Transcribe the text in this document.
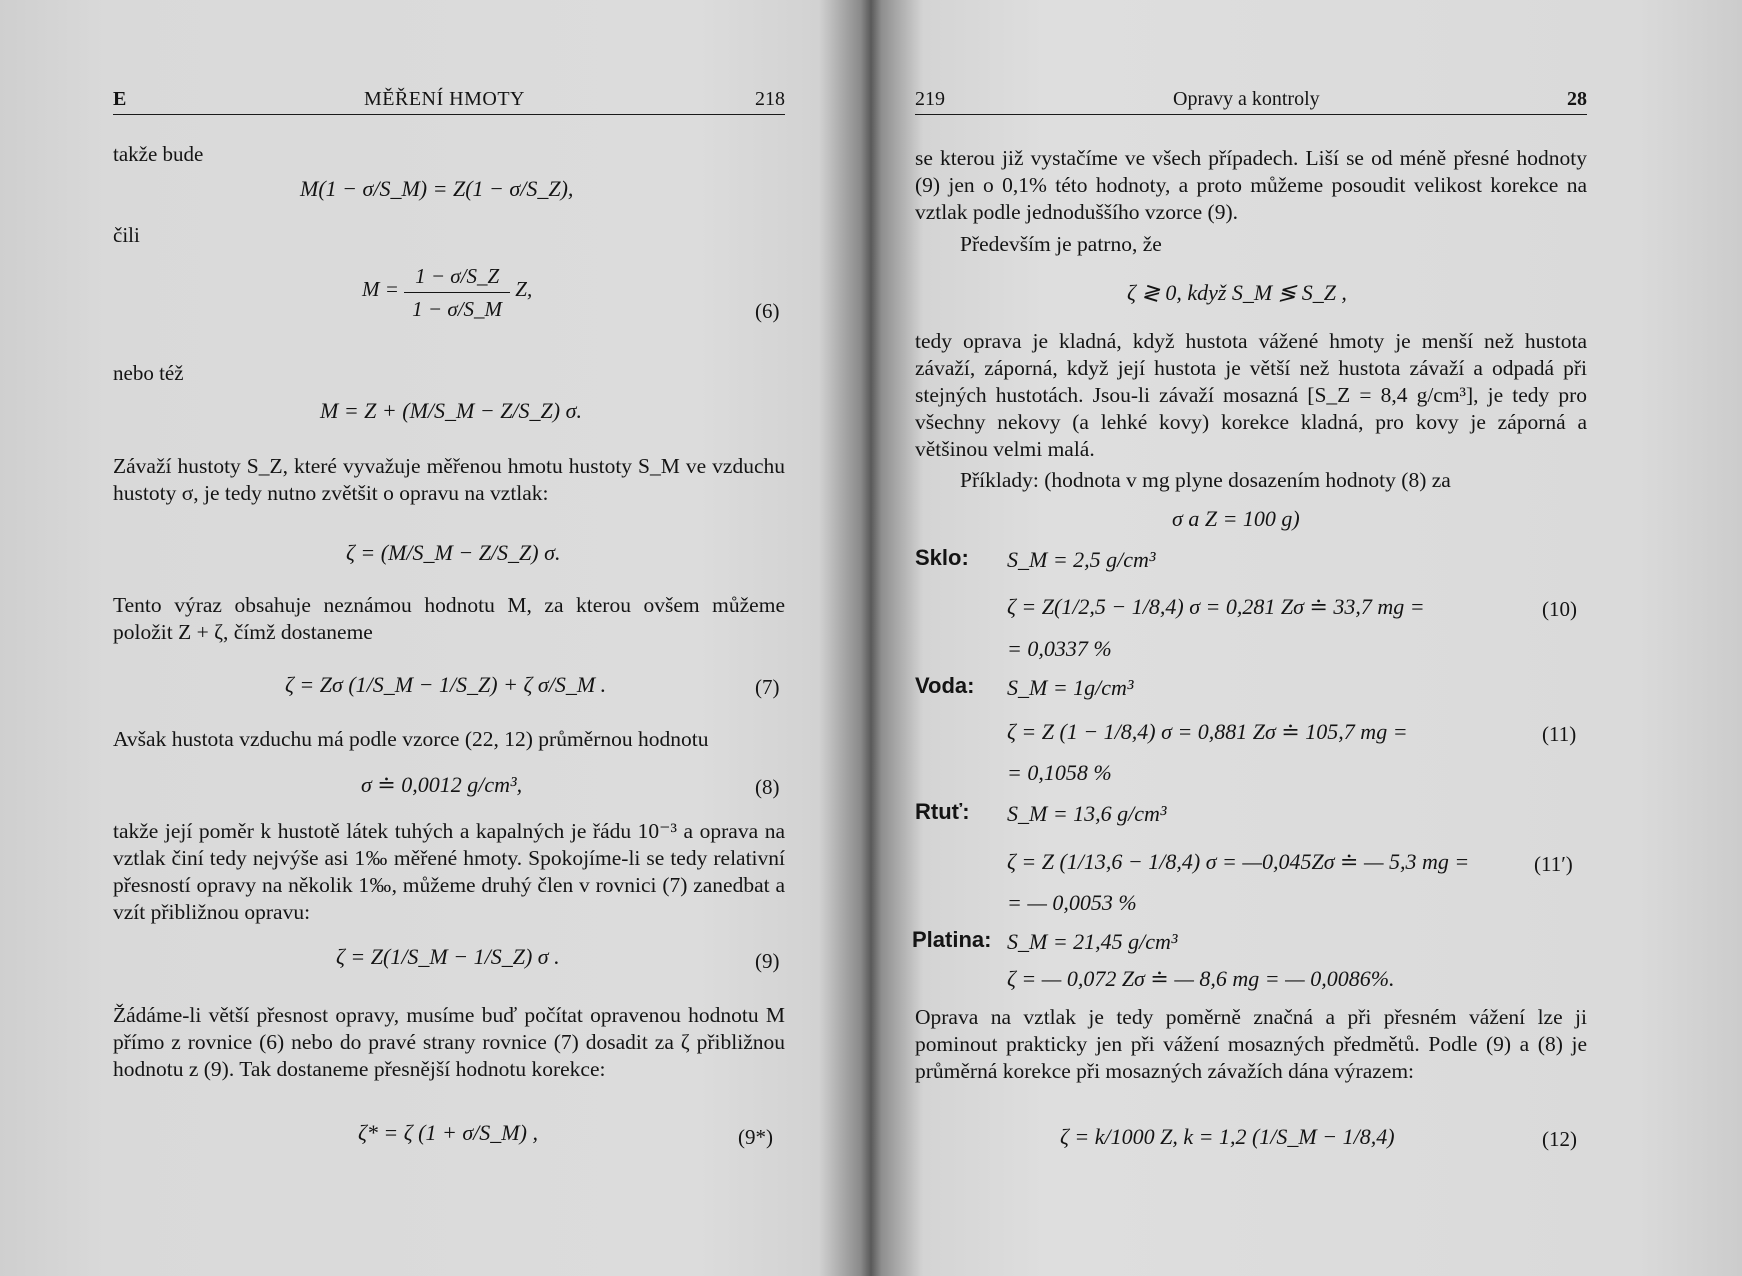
E	MĚŘENÍ HMOTY	218
takže bude
M(1 − σ/S_M) = Z(1 − σ/S_Z),
čili
$M = \frac{1 - \sigma/S\_Z}{1 - \sigma/S\_M} Z$,
(6)
nebo též
M = Z + (M/S_M − Z/S_Z) σ.
Závaží hustoty S_Z, které vyvažuje měřenou hmotu hustoty S_M ve vzduchu hustoty σ, je tedy nutno zvětšit o opravu na vztlak:
ζ = (M/S_M − Z/S_Z) σ.
Tento výraz obsahuje neznámou hodnotu M, za kterou ovšem můžeme položit Z + ζ, čímž dostaneme
ζ = Zσ (1/S_M − 1/S_Z) + ζ σ/S_M .	(7)
Avšak hustota vzduchu má podle vzorce (22, 12) průměrnou hodnotu
σ ≐ 0,0012 g/cm³,	(8)
takže její poměr k hustotě látek tuhých a kapalných je řádu 10⁻³ a oprava na vztlak činí tedy nejvýše asi 1‰ měřené hmoty. Spokojíme-li se tedy relativní přesností opravy na několik 1‰, můžeme druhý člen v rovnici (7) zanedbat a vzít přibližnou opravu:
ζ = Z(1/S_M − 1/S_Z) σ .	(9)
Žádáme-li větší přesnost opravy, musíme buď počítat opravenou hodnotu M přímo z rovnice (6) nebo do pravé strany rovnice (7) dosadit za ζ přibližnou hodnotu z (9). Tak dostaneme přesnější hodnotu korekce:
ζ* = ζ (1 + σ/S_M) ,	(9*)
219	Opravy a kontroly	28
se kterou již vystačíme ve všech případech. Liší se od méně přesné hodnoty (9) jen o 0,1% této hodnoty, a proto můžeme posoudit velikost korekce na vztlak podle jednoduššího vzorce (9).
Především je patrno, že
ζ ≷ 0, když S_M ≶ S_Z ,
tedy oprava je kladná, když hustota vážené hmoty je menší než hustota závaží, záporná, když její hustota je větší než hustota závaží a odpadá při stejných hustotách. Jsou-li závaží mosazná [S_Z = 8,4 g/cm³], je tedy pro všechny nekovy (a lehké kovy) korekce kladná, pro kovy je záporná a většinou velmi malá.
Příklady: (hodnota v mg plyne dosazením hodnoty (8) za
σ a Z = 100 g)
Sklo: S_M = 2,5 g/cm³
ζ = Z(1/2,5 − 1/8,4) σ = 0,281 Zσ ≐ 33,7 mg =	(10)
= 0,0337 %
Voda: S_M = 1g/cm³
ζ = Z (1 − 1/8,4) σ = 0,881 Zσ ≐ 105,7 mg =	(11)
= 0,1058 %
Rtuť: S_M = 13,6 g/cm³
ζ = Z (1/13,6 − 1/8,4) σ = —0,045Zσ ≐ — 5,3 mg =	(11′)
= — 0,0053 %
Platina: S_M = 21,45 g/cm³
ζ = — 0,072 Zσ ≐ — 8,6 mg = — 0,0086%.
Oprava na vztlak je tedy poměrně značná a při přesném vážení lze ji pominout prakticky jen při vážení mosazných předmětů. Podle (9) a (8) je průměrná korekce při mosazných závažích dána výrazem:
ζ = k/1000 Z, k = 1,2 (1/S_M − 1/8,4)	(12)
